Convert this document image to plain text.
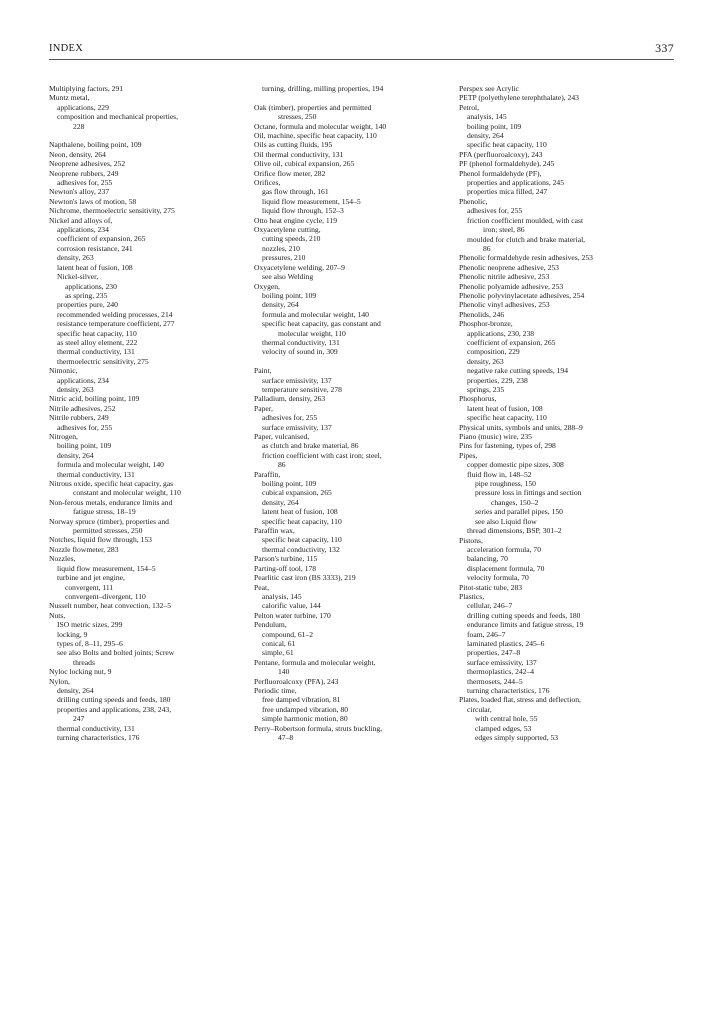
INDEX	337
Multiplying factors, 291
Muntz metal,
applications, 229
composition and mechanical properties,
228
Napthalene, boiling point, 109
Neon, density, 264
Neoprene adhesives, 252
Neoprene rubbers, 249
adhesives for, 255
Newton's alloy, 237
Newton's laws of motion, 58
Nichrome, thermoelectric sensitivity, 275
Nickel and alloys of,
applications, 234
coefficient of expansion, 265
corrosion resistance, 241
density, 263
latent heat of fusion, 108
Nickel-silver,
applications, 230
as spring, 235
properties pure, 240
recommended welding processes, 214
resistance temperature coefficient, 277
specific heat capacity, 110
as steel alloy element, 222
thermal conductivity, 131
thermoelectric sensitivity, 275
Nimonic,
applications, 234
density, 263
Nitric acid, boiling point, 109
Nitrile adhesives, 252
Nitrile rubbers, 249
adhesives for, 255
Nitrogen,
boiling point, 109
density, 264
formula and molecular weight, 140
thermal conductivity, 131
Nitrous oxide, specific heat capacity, gas
constant and molecular weight, 110
Non-ferous metals, endurance limits and
fatigue stress, 18–19
Norway spruce (timber), properties and
permitted stresses, 250
Notches, liquid flow through, 153
Nozzle flowmeter, 283
Nozzles,
liquid flow measurement, 154–5
turbine and jet engine,
convergent, 111
convergent–divergent, 110
Nusselt number, heat convection, 132–5
Nuts,
ISO metric sizes, 299
locking, 9
types of, 8–11, 295–6
see also Bolts and bolted joints; Screw
threads
Nyloc locking nut, 9
Nylon,
density, 264
drilling cutting speeds and feeds, 180
properties and applications, 238, 243,
247
thermal conductivity, 131
turning characteristics, 176
turning, drilling, milling properties, 194
Oak (timber), properties and permitted
stresses, 250
Octane, formula and molecular weight, 140
Oil, machine, specific heat capacity, 110
Oils as cutting fluids, 195
Oil thermal conductivity, 131
Olive oil, cubical expansion, 265
Orifice flow meter, 282
Orifices,
gas flow through, 161
liquid flow measurement, 154–5
liquid flow through, 152–3
Otto heat engine cycle, 119
Oxyacetylene cutting,
cutting speeds, 210
nozzles, 210
pressures, 210
Oxyacetylene welding, 207–9
see also Welding
Oxygen,
boiling point, 109
density, 264
formula and molecular weight, 140
specific heat capacity, gas constant and
molecular weight, 110
thermal conductivity, 131
velocity of sound in, 309
Paint,
surface emissivity, 137
temperature sensitive, 278
Palladium, density, 263
Paper,
adhesives for, 255
surface emissivity, 137
Paper, vulcanised,
as clutch and brake material, 86
friction coefficient with cast iron; steel,
86
Paraffin,
boiling point, 109
cubical expansion, 265
density, 264
latent heat of fusion, 108
specific heat capacity, 110
Paraffin wax,
specific heat capacity, 110
thermal conductivity, 132
Parson's turbine, 115
Parting-off tool, 178
Pearlitic cast iron (BS 3333), 219
Peat,
analysis, 145
calorific value, 144
Pelton water turbine, 170
Pendulum,
compound, 61–2
conical, 61
simple, 61
Pentane, formula and molecular weight,
140
Perfluoroalcoxy (PFA), 243
Periodic time,
free damped vibration, 81
free undamped vibration, 80
simple harmonic motion, 80
Perry–Robertson formula, struts buckling,
47–8
Perspex see Acrylic
PETP (polyethylene terephthalate), 243
Petrol,
analysis, 145
boiling point, 109
density, 264
specific heat capacity, 110
PFA (perfluoroalcoxy), 243
PF (phenol formaldehyde), 245
Phenol formaldehyde (PF),
properties and applications, 245
properties mica filled, 247
Phenolic,
adhesives for, 255
friction coefficient moulded, with cast
iron; steel, 86
moulded for clutch and brake material,
86
Phenolic formaldehyde resin adhesives, 253
Phenolic neoprene adhesive, 253
Phenolic nitrile adhesive, 253
Phenolic polyamide adhesive, 253
Phenolic polyvinylacetate adhesives, 254
Phenolic vinyl adhesives, 253
Phenolids, 246
Phosphor-bronze,
applications, 230, 238
coefficient of expansion, 265
composition, 229
density, 263
negative rake cutting speeds, 194
properties, 229, 238
springs, 235
Phosphorus,
latent heat of fusion, 108
specific heat capacity, 110
Physical units, symbols and units, 288–9
Piano (music) wire, 235
Pins for fastening, types of, 298
Pipes,
copper domestic pipe sizes, 308
fluid flow in, 148–52
pipe roughness, 150
pressure loss in fittings and section
changes, 150–2
series and parallel pipes, 150
see also Liquid flow
thread dimensions, BSP, 301–2
Pistons,
acceleration formula, 70
balancing, 70
displacement formula, 70
velocity formula, 70
Pitot-static tube, 283
Plastics,
cellular, 246–7
drilling cutting speeds and feeds, 180
endurance limits and fatigue stress, 19
foam, 246–7
laminated plastics, 245–6
properties, 247–8
surface emissivity, 137
thermoplastics, 242–4
thermosets, 244–5
turning characteristics, 176
Plates, loaded flat, stress and deflection,
circular,
with central hole, 55
clamped edges, 53
edges simply supported, 53
